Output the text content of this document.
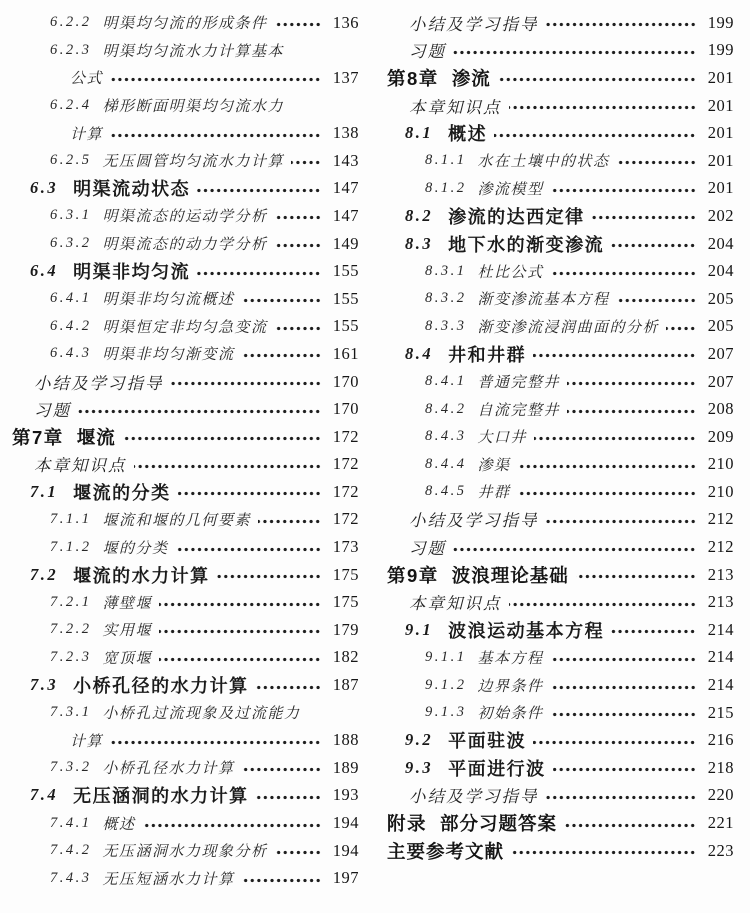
6.2.2 明渠均匀流的形成条件	136
6.2.3 明渠均匀流水力计算基本
公式	137
6.2.4 梯形断面明渠均匀流水力
计算	138
6.2.5 无压圆管均匀流水力计算	143
6.3 明渠流动状态	147
6.3.1 明渠流态的运动学分析	147
6.3.2 明渠流态的动力学分析	149
6.4 明渠非均匀流	155
6.4.1 明渠非均匀流概述	155
6.4.2 明渠恒定非均匀急变流	155
6.4.3 明渠非均匀渐变流	161
小结及学习指导	170
习题	170
第7章 堰流	172
本章知识点	172
7.1 堰流的分类	172
7.1.1 堰流和堰的几何要素	172
7.1.2 堰的分类	173
7.2 堰流的水力计算	175
7.2.1 薄壁堰	175
7.2.2 实用堰	179
7.2.3 宽顶堰	182
7.3 小桥孔径的水力计算	187
7.3.1 小桥孔过流现象及过流能力
计算	188
7.3.2 小桥孔径水力计算	189
7.4 无压涵洞的水力计算	193
7.4.1 概述	194
7.4.2 无压涵洞水力现象分析	194
7.4.3 无压短涵水力计算	197
小结及学习指导	199
习题	199
第8章 渗流	201
本章知识点	201
8.1 概述	201
8.1.1 水在土壤中的状态	201
8.1.2 渗流模型	201
8.2 渗流的达西定律	202
8.3 地下水的渐变渗流	204
8.3.1 杜比公式	204
8.3.2 渐变渗流基本方程	205
8.3.3 渐变渗流浸润曲面的分析	205
8.4 井和井群	207
8.4.1 普通完整井	207
8.4.2 自流完整井	208
8.4.3 大口井	209
8.4.4 渗渠	210
8.4.5 井群	210
小结及学习指导	212
习题	212
第9章 波浪理论基础	213
本章知识点	213
9.1 波浪运动基本方程	214
9.1.1 基本方程	214
9.1.2 边界条件	214
9.1.3 初始条件	215
9.2 平面驻波	216
9.3 平面进行波	218
小结及学习指导	220
附录 部分习题答案	221
主要参考文献	223
